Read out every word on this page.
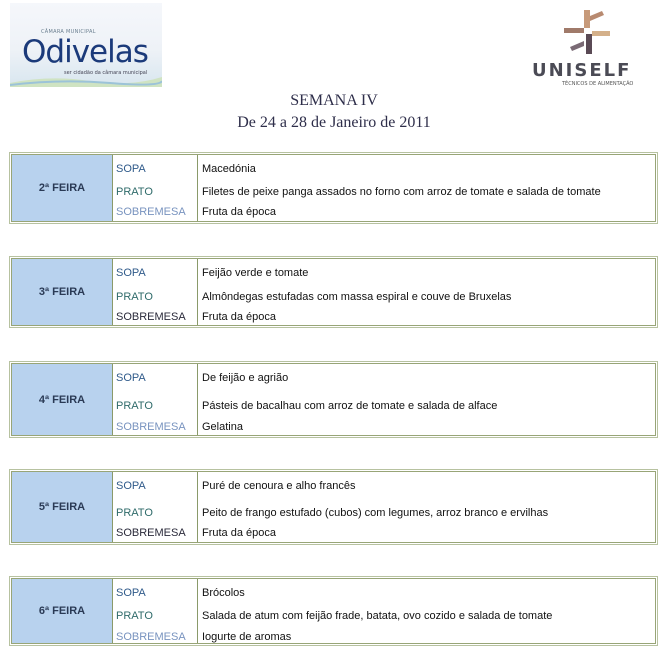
CÂMARA MUNICIPAL
Odivelas
ser cidadão da câmara municipal	UNISELF
TÉCNICOS DE ALIMENTAÇÃO
SEMANA IV
De 24 a 28 de Janeiro de 2011
2ª FEIRA
SOPA
PRATO
SOBREMESA
Macedónia
Filetes de peixe panga assados no forno com arroz de tomate e salada de tomate
Fruta da época
3ª FEIRA
SOPA
PRATO
SOBREMESA
Feijão verde e tomate
Almôndegas estufadas com massa espiral e couve de Bruxelas
Fruta da época
4ª FEIRA
SOPA
PRATO
SOBREMESA
De feijão e agrião
Pásteis de bacalhau com arroz de tomate e salada de alface
Gelatina
5ª FEIRA
SOPA
PRATO
SOBREMESA
Puré de cenoura e alho francês
Peito de frango estufado (cubos) com legumes, arroz branco e ervilhas
Fruta da época
6ª FEIRA
SOPA
PRATO
SOBREMESA
Brócolos
Salada de atum com feijão frade, batata, ovo cozido e salada de tomate
Iogurte de aromas
